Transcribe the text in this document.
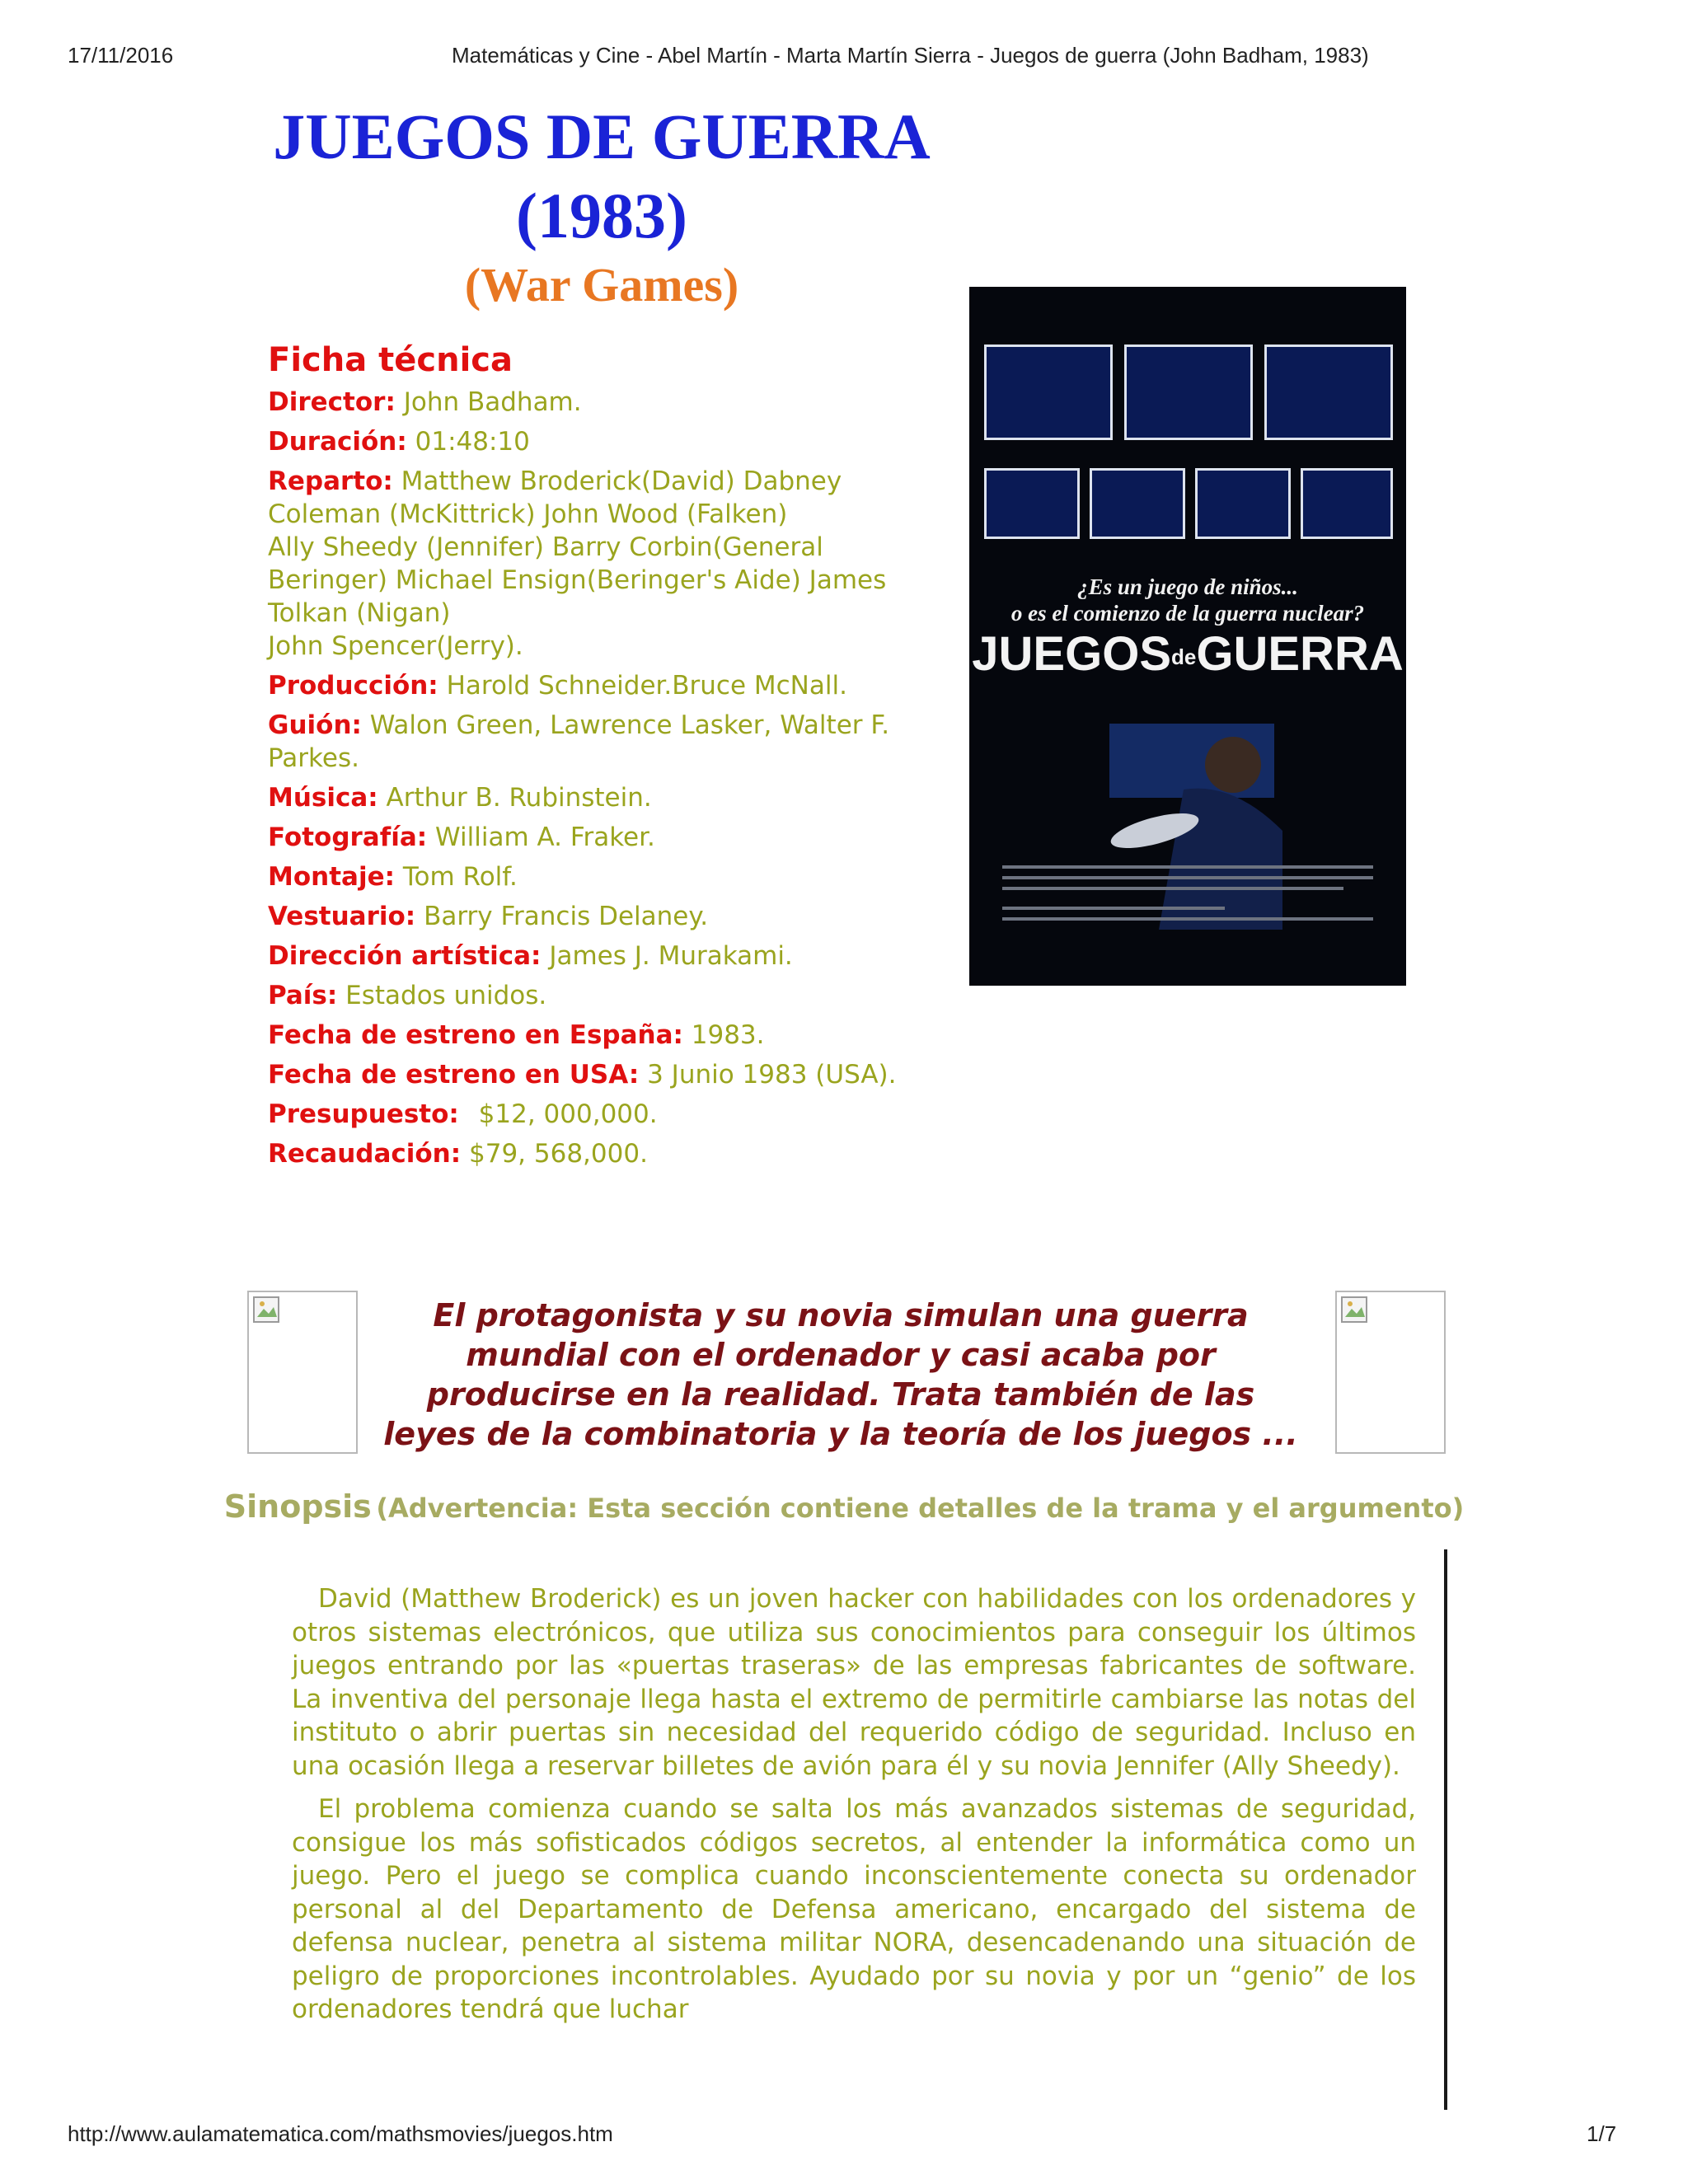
17/11/2016	Matemáticas y Cine - Abel Martín - Marta Martín Sierra - Juegos de guerra (John Badham, 1983)

JUEGOS DE GUERRA

(1983)

(War Games)

Ficha técnica

Director: John Badham.

Duración: 01:48:10

Reparto: Matthew Broderick(David) Dabney
Coleman (McKittrick) John Wood (Falken)
Ally Sheedy (Jennifer) Barry Corbin(General
Beringer) Michael Ensign(Beringer's Aide) James
Tolkan (Nigan)
John Spencer(Jerry).

Producción: Harold Schneider.Bruce McNall.

Guión: Walon Green, Lawrence Lasker, Walter F.
Parkes.

Música: Arthur B. Rubinstein.

Fotografía: William A. Fraker.

Montaje: Tom Rolf.

Vestuario: Barry Francis Delaney.

Dirección artística: James J. Murakami.

País: Estados unidos.

Fecha de estreno en España: 1983.

Fecha de estreno en USA: 3 Junio 1983 (USA).

Presupuesto: $12, 000,000.

Recaudación: $79, 568,000.

¿Es un juego de niños...
o es el comienzo de la guerra nuclear?
JUEGOSdeGUERRA
El protagonista y su novia simulan una guerra
mundial con el ordenador y casi acaba por
producirse en la realidad. Trata también de las
leyes de la combinatoria y la teoría de los juegos ...
Sinopsis (Advertencia: Esta sección contiene detalles de la trama y el argumento)

David (Matthew Broderick) es un joven hacker con habilidades con los ordenadores y otros sistemas electrónicos, que utiliza sus conocimientos para conseguir los últimos juegos entrando por las «puertas traseras» de las empresas fabricantes de software. La inventiva del personaje llega hasta el extremo de permitirle cambiarse las notas del instituto o abrir puertas sin necesidad del requerido código de seguridad. Incluso en una ocasión llega a reservar billetes de avión para él y su novia Jennifer (Ally Sheedy).

El problema comienza cuando se salta los más avanzados sistemas de seguridad, consigue los más sofisticados códigos secretos, al entender la informática como un juego. Pero el juego se complica cuando inconscientemente conecta su ordenador personal al del Departamento de Defensa americano, encargado del sistema de defensa nuclear, penetra al sistema militar NORA, desencadenando una situación de peligro de proporciones incontrolables. Ayudado por su novia y por un “genio” de los ordenadores tendrá que luchar

http://www.aulamatematica.com/mathsmovies/juegos.htm	1/7
